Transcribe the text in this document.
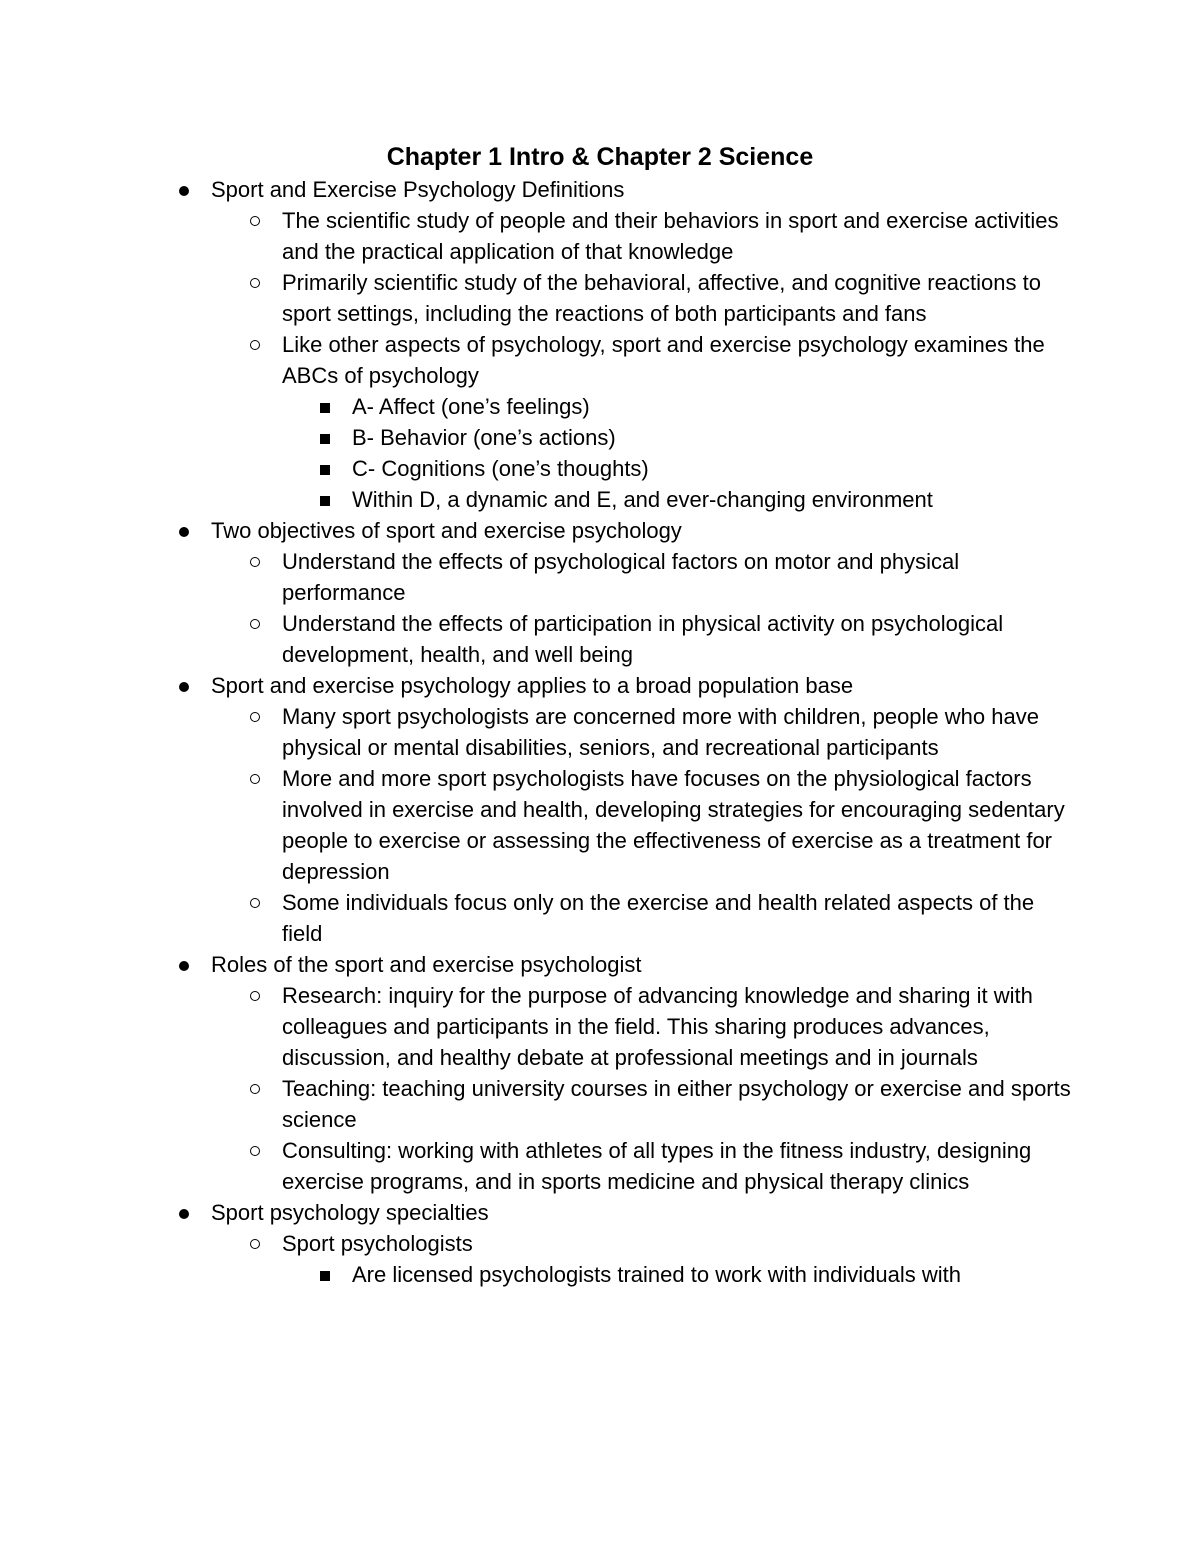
Chapter 1 Intro & Chapter 2 Science
Sport and Exercise Psychology Definitions
The scientific study of people and their behaviors in sport and exercise activities and the practical application of that knowledge
Primarily scientific study of the behavioral, affective, and cognitive reactions to sport settings, including the reactions of both participants and fans
Like other aspects of psychology, sport and exercise psychology examines the ABCs of psychology
A- Affect (one’s feelings)
B- Behavior (one’s actions)
C- Cognitions (one’s thoughts)
Within D, a dynamic and E, and ever-changing environment
Two objectives of sport and exercise psychology
Understand the effects of psychological factors on motor and physical performance
Understand the effects of participation in physical activity on psychological development, health, and well being
Sport and exercise psychology applies to a broad population base
Many sport psychologists are concerned more with children, people who have physical or mental disabilities, seniors, and recreational participants
More and more sport psychologists have focuses on the physiological factors involved in exercise and health, developing strategies for encouraging sedentary people to exercise or assessing the effectiveness of exercise as a treatment for depression
Some individuals focus only on the exercise and health related aspects of the field
Roles of the sport and exercise psychologist
Research: inquiry for the purpose of advancing knowledge and sharing it with colleagues and participants in the field. This sharing produces advances, discussion, and healthy debate at professional meetings and in journals
Teaching: teaching university courses in either psychology or exercise and sports science
Consulting: working with athletes of all types in the fitness industry, designing exercise programs, and in sports medicine and physical therapy clinics
Sport psychology specialties
Sport psychologists
Are licensed psychologists trained to work with individuals with
